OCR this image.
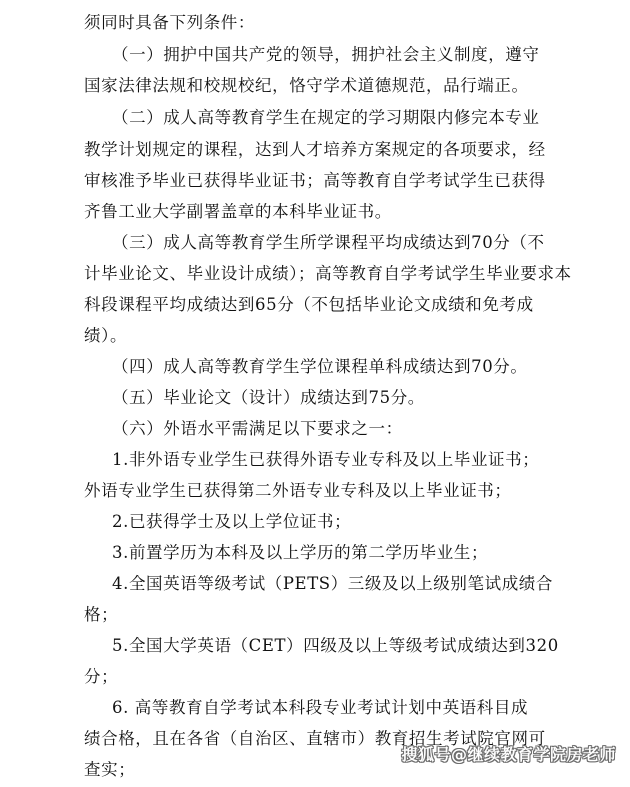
须同时具备下列条件：
（一）拥护中国共产党的领导，拥护社会主义制度，遵守
国家法律法规和校规校纪，恪守学术道德规范，品行端正。
（二）成人高等教育学生在规定的学习期限内修完本专业
教学计划规定的课程，达到人才培养方案规定的各项要求，经
审核准予毕业已获得毕业证书；高等教育自学考试学生已获得
齐鲁工业大学副署盖章的本科毕业证书。
（三）成人高等教育学生所学课程平均成绩达到70分（不
计毕业论文、毕业设计成绩）；高等教育自学考试学生毕业要求本
科段课程平均成绩达到65分（不包括毕业论文成绩和免考成
绩）。
（四）成人高等教育学生学位课程单科成绩达到70分。
（五）毕业论文（设计）成绩达到75分。
（六）外语水平需满足以下要求之一：
1.非外语专业学生已获得外语专业专科及以上毕业证书；
外语专业学生已获得第二外语专业专科及以上毕业证书；
2.已获得学士及以上学位证书；
3.前置学历为本科及以上学历的第二学历毕业生；
4.全国英语等级考试（PETS）三级及以上级别笔试成绩合
格；
5.全国大学英语（CET）四级及以上等级考试成绩达到320
分；
6. 高等教育自学考试本科段专业考试计划中英语科目成
绩合格，且在各省（自治区、直辖市）教育招生考试院官网可
查实；
搜狐号@继续教育学院房老师
